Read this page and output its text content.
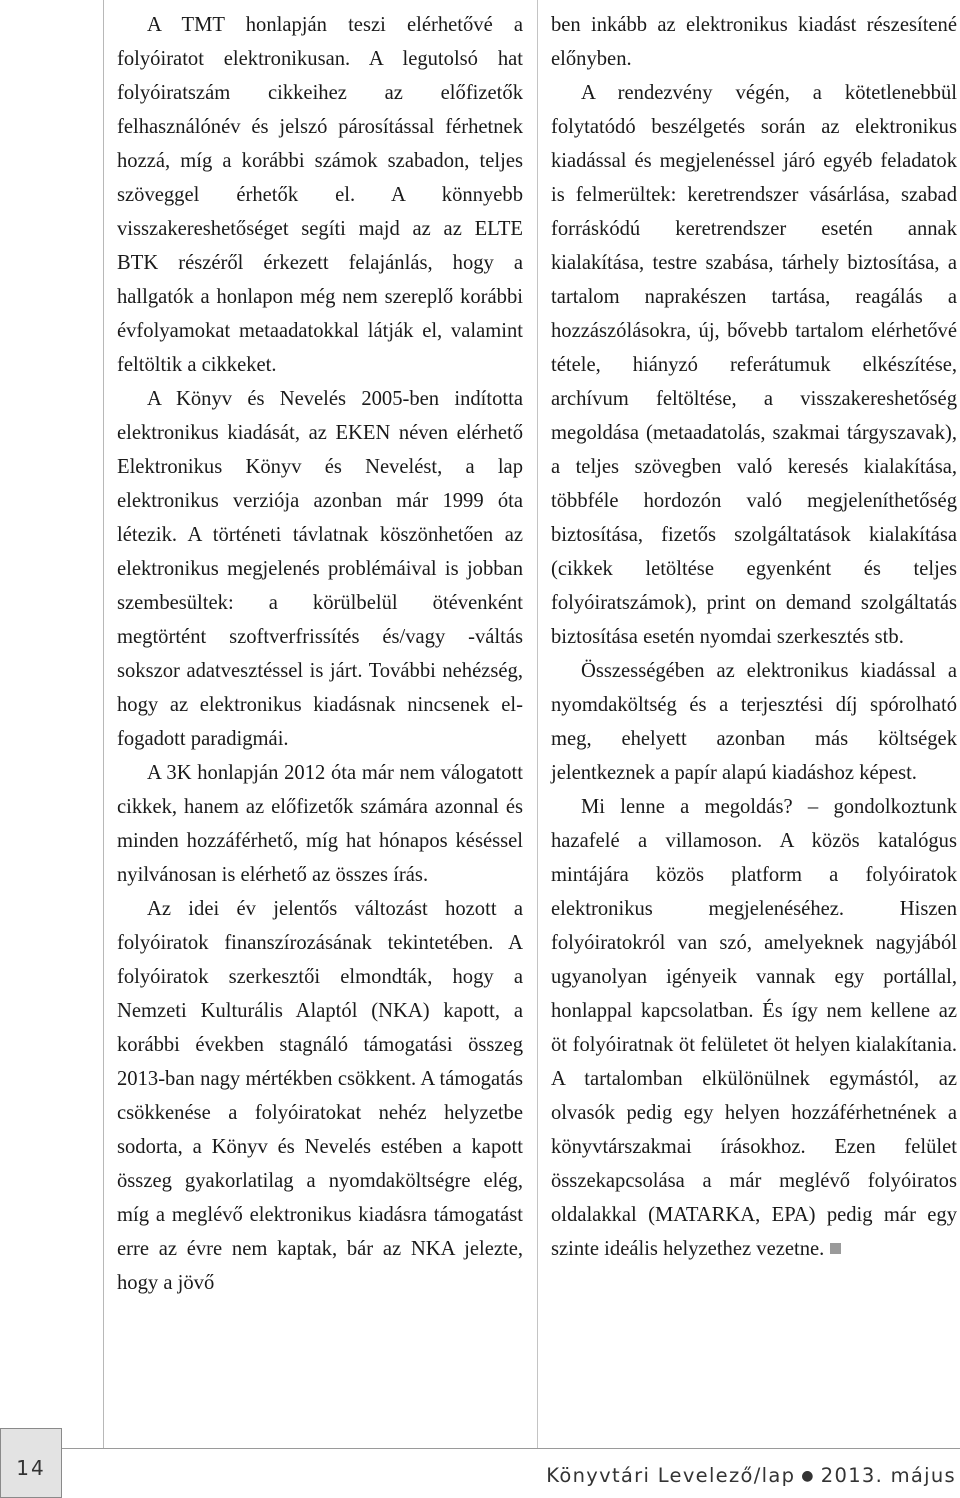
A TMT honlapján teszi elérhetővé a folyóiratot elektronikusan. A legutolsó hat folyóiratszám cikkeihez az előfizetők felhasználónév és jelszó párosítással férhetnek hozzá, míg a korábbi számok szabadon, teljes szöveggel érhetők el. A könnyebb visszakereshetőséget segíti majd az az ELTE BTK részéről érkezett felajánlás, hogy a hallgatók a honlapon még nem szereplő korábbi évfolyamokat metaadatokkal látják el, valamint feltöltik a cikkeket.

A Könyv és Nevelés 2005-ben indította elektronikus kiadását, az EKEN néven elérhető Elektronikus Könyv és Nevelést, a lap elektronikus verziója azonban már 1999 óta létezik. A történeti távlatnak köszönhetően az elektronikus megjelenés problémáival is jobban szembesültek: a körülbelül ötévenként megtörtént szoftverfrissítés és/vagy -váltás sokszor adatvesztéssel is járt. További nehézség, hogy az elektronikus kiadásnak nincsenek elfogadott paradigmái.

A 3K honlapján 2012 óta már nem válogatott cikkek, hanem az előfizetők számára azonnal és minden hozzáférhető, míg hat hónapos késéssel nyilvánosan is elérhető az összes írás.

Az idei év jelentős változást hozott a folyóiratok finanszírozásának tekintetében. A folyóiratok szerkesztői elmondták, hogy a Nemzeti Kulturális Alaptól (NKA) kapott, a korábbi években stagnáló támogatási összeg 2013-ban nagy mértékben csökkent. A támogatás csökkenése a folyóiratokat nehéz helyzetbe sodorta, a Könyv és Nevelés estében a kapott összeg gyakorlatilag a nyomdaköltségre elég, míg a meglévő elektronikus kiadásra támogatást erre az évre nem kaptak, bár az NKA jelezte, hogy a jövő

ben inkább az elektronikus kiadást részesítené előnyben.

A rendezvény végén, a kötetlenebbül folytatódó beszélgetés során az elektronikus kiadással és megjelenéssel járó egyéb feladatok is felmerültek: keretrendszer vásárlása, szabad forráskódú keretrendszer esetén annak kialakítása, testre szabása, tárhely biztosítása, a tartalom naprakészen tartása, reagálás a hozzászólásokra, új, bővebb tartalom elérhetővé tétele, hiányzó referátumuk elkészítése, archívum feltöltése, a visszakereshetőség megoldása (metaadatolás, szakmai tárgyszavak), a teljes szövegben való keresés kialakítása, többféle hordozón való megjeleníthetőség biztosítása, fizetős szolgáltatások kialakítása (cikkek letöltése egyenként és teljes folyóiratszámok), print on demand szolgáltatás biztosítása esetén nyomdai szerkesztés stb.

Összességében az elektronikus kiadással a nyomdaköltség és a terjesztési díj spórolható meg, ehelyett azonban más költségek jelentkeznek a papír alapú kiadáshoz képest.

Mi lenne a megoldás? – gondolkoztunk hazafelé a villamoson. A közös katalógus mintájára közös platform a folyóiratok elektronikus megjelenéséhez. Hiszen folyóiratokról van szó, amelyeknek nagyjából ugyanolyan igényeik vannak egy portállal, honlappal kapcsolatban. És így nem kellene az öt folyóiratnak öt felületet öt helyen kialakítania. A tartalomban elkülönülnek egymástól, az olvasók pedig egy helyen hozzáférhetnének a könyvtárszakmai írásokhoz. Ezen felület összekapcsolása a már meglévő folyóiratos oldalakkal (MATARKA, EPA) pedig már egy szinte ideális helyzethez vezetne.

14	Könyvtári Levelező/lap ● 2013. május
